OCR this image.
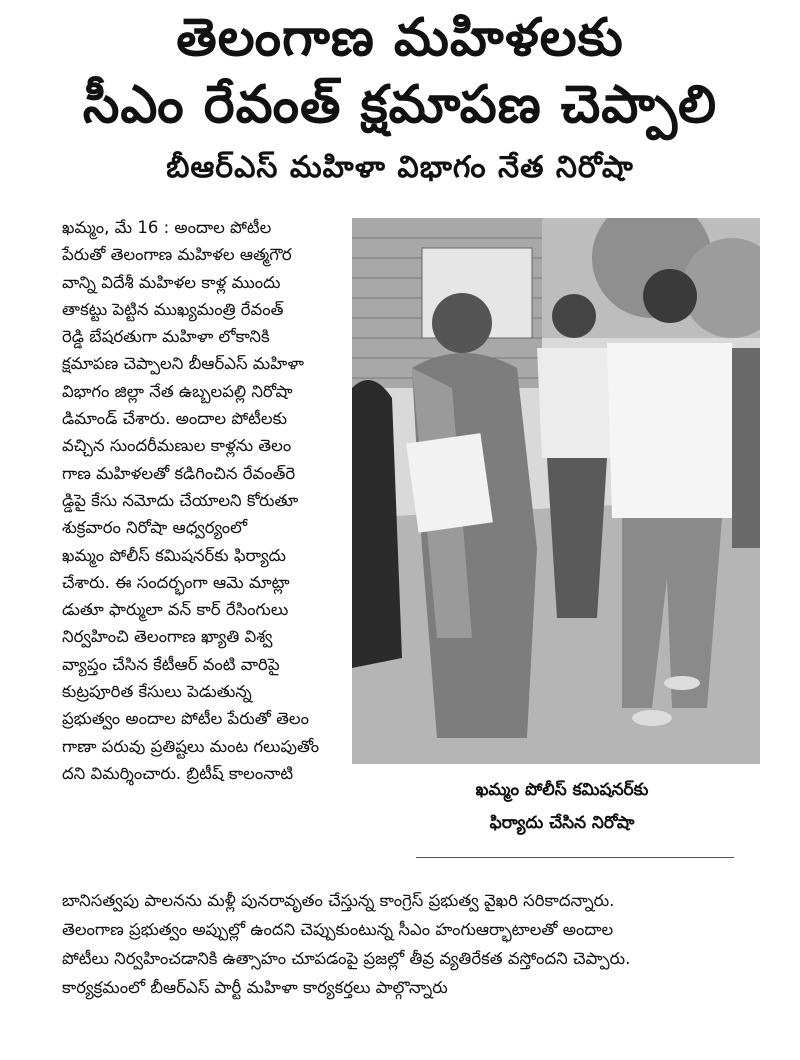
తెలంగాణ మహిళలకు
సీఎం రేవంత్ క్షమాపణ చెప్పాలి
బీఆర్ఎస్ మహిళా విభాగం నేత నిరోషా
ఖమ్మం, మే 16 : అందాల పోటీల
పేరుతో తెలంగాణ మహిళల ఆత్మగౌర
వాన్ని విదేశీ మహిళల కాళ్ల ముందు
తాకట్టు పెట్టిన ముఖ్యమంత్రి రేవంత్
రెడ్డి బేషరతుగా మహిళా లోకానికి
క్షమాపణ చెప్పాలని బీఆర్ఎస్ మహిళా
విభాగం జిల్లా నేత ఉబ్బలపల్లి నిరోషా
డిమాండ్ చేశారు. అందాల పోటీలకు
వచ్చిన సుందరీమణుల కాళ్లను తెలం
గాణ మహిళలతో కడిగించిన రేవంత్‌రె
డ్డిపై కేసు నమోదు చేయాలని కోరుతూ
శుక్రవారం నిరోషా ఆధ్వర్యంలో
ఖమ్మం పోలీస్ కమిషనర్‌కు ఫిర్యాదు
చేశారు. ఈ సందర్భంగా ఆమె మాట్లా
డుతూ ఫార్ములా వన్ కార్ రేసింగులు
నిర్వహించి తెలంగాణ ఖ్యాతి విశ్వ
వ్యాప్తం చేసిన కేటీఆర్ వంటి వారిపై
కుట్రపూరిత కేసులు పెడుతున్న
ప్రభుత్వం అందాల పోటీల పేరుతో తెలం
గాణా పరువు ప్రతిష్టలు మంట గలుపుతోం
దని విమర్శించారు. బ్రిటీష్ కాలంనాటి
ఖమ్మం పోలీస్ కమిషనర్‌కు
ఫిర్యాదు చేసిన నిరోషా
బానిసత్వపు పాలనను మళ్లీ పునరావృతం చేస్తున్న కాంగ్రెస్ ప్రభుత్వ వైఖరి సరికాదన్నారు.
తెలంగాణ ప్రభుత్వం అప్పుల్లో ఉందని చెప్పుకుంటున్న సీఎం హంగుఆర్భాటాలతో అందాల
పోటీలు నిర్వహించడానికి ఉత్సాహం చూపడంపై ప్రజల్లో తీవ్ర వ్యతిరేకత వస్తోందని చెప్పారు.
కార్యక్రమంలో బీఆర్ఎస్ పార్టీ మహిళా కార్యకర్తలు పాల్గొన్నారు
